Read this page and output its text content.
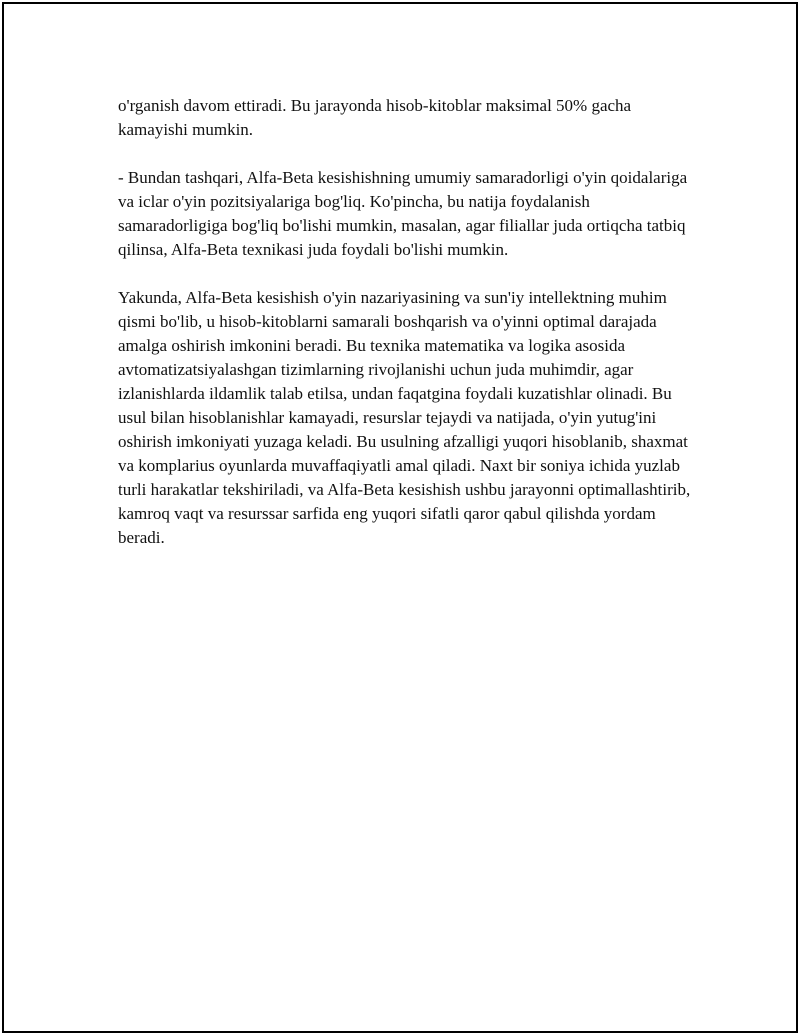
o'rganish davom ettiradi. Bu jarayonda hisob-kitoblar maksimal 50% gacha kamayishi mumkin.

- Bundan tashqari, Alfa-Beta kesishishning umumiy samaradorligi o'yin qoidalariga va iclar o'yin pozitsiyalariga bog'liq. Ko'pincha, bu natija foydalanish samaradorligiga bog'liq bo'lishi mumkin, masalan, agar filiallar juda ortiqcha tatbiq qilinsa, Alfa-Beta texnikasi juda foydali bo'lishi mumkin.

Yakunda, Alfa-Beta kesishish o'yin nazariyasining va sun'iy intellektning muhim qismi bo'lib, u hisob-kitoblarni samarali boshqarish va o'yinni optimal darajada amalga oshirish imkonini beradi. Bu texnika matematika va logika asosida avtomatizatsiyalashgan tizimlarning rivojlanishi uchun juda muhimdir, agar izlanishlarda ildamlik talab etilsa, undan faqatgina foydali kuzatishlar olinadi. Bu usul bilan hisoblanishlar kamayadi, resurslar tejaydi va natijada, o'yin yutug'ini oshirish imkoniyati yuzaga keladi. Bu usulning afzalligi yuqori hisoblanib, shaxmat va komplarius oyunlarda muvaffaqiyatli amal qiladi. Naxt bir soniya ichida yuzlab turli harakatlar tekshiriladi, va Alfa-Beta kesishish ushbu jarayonni optimallashtirib, kamroq vaqt va resurssar sarfida eng yuqori sifatli qaror qabul qilishda yordam beradi.
